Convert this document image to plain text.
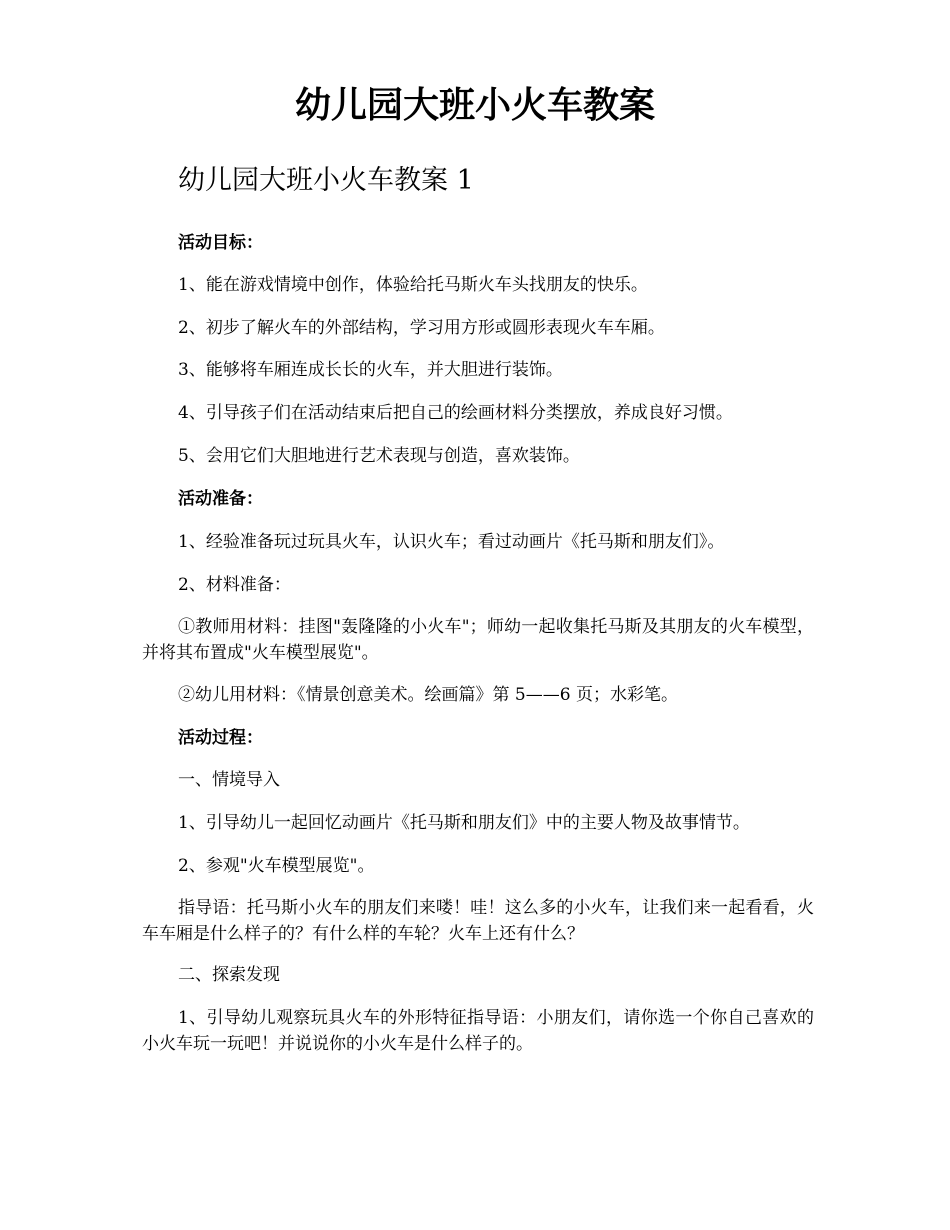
幼儿园大班小火车教案
幼儿园大班小火车教案 1

活动目标：

1、能在游戏情境中创作，体验给托马斯火车头找朋友的快乐。

2、初步了解火车的外部结构，学习用方形或圆形表现火车车厢。

3、能够将车厢连成长长的火车，并大胆进行装饰。

4、引导孩子们在活动结束后把自己的绘画材料分类摆放，养成良好习惯。

5、会用它们大胆地进行艺术表现与创造，喜欢装饰。

活动准备：

1、经验准备玩过玩具火车，认识火车；看过动画片《托马斯和朋友们》。

2、材料准备：

①教师用材料：挂图"轰隆隆的小火车"；师幼一起收集托马斯及其朋友的火车模型，并将其布置成"火车模型展览"。

②幼儿用材料：《情景创意美术。绘画篇》第 5——6 页；水彩笔。

活动过程：

一、情境导入

1、引导幼儿一起回忆动画片《托马斯和朋友们》中的主要人物及故事情节。

2、参观"火车模型展览"。

指导语：托马斯小火车的朋友们来喽！哇！这么多的小火车，让我们来一起看看，火车车厢是什么样子的？有什么样的车轮？火车上还有什么？

二、探索发现

1、引导幼儿观察玩具火车的外形特征指导语：小朋友们，请你选一个你自己喜欢的小火车玩一玩吧！并说说你的小火车是什么样子的。
